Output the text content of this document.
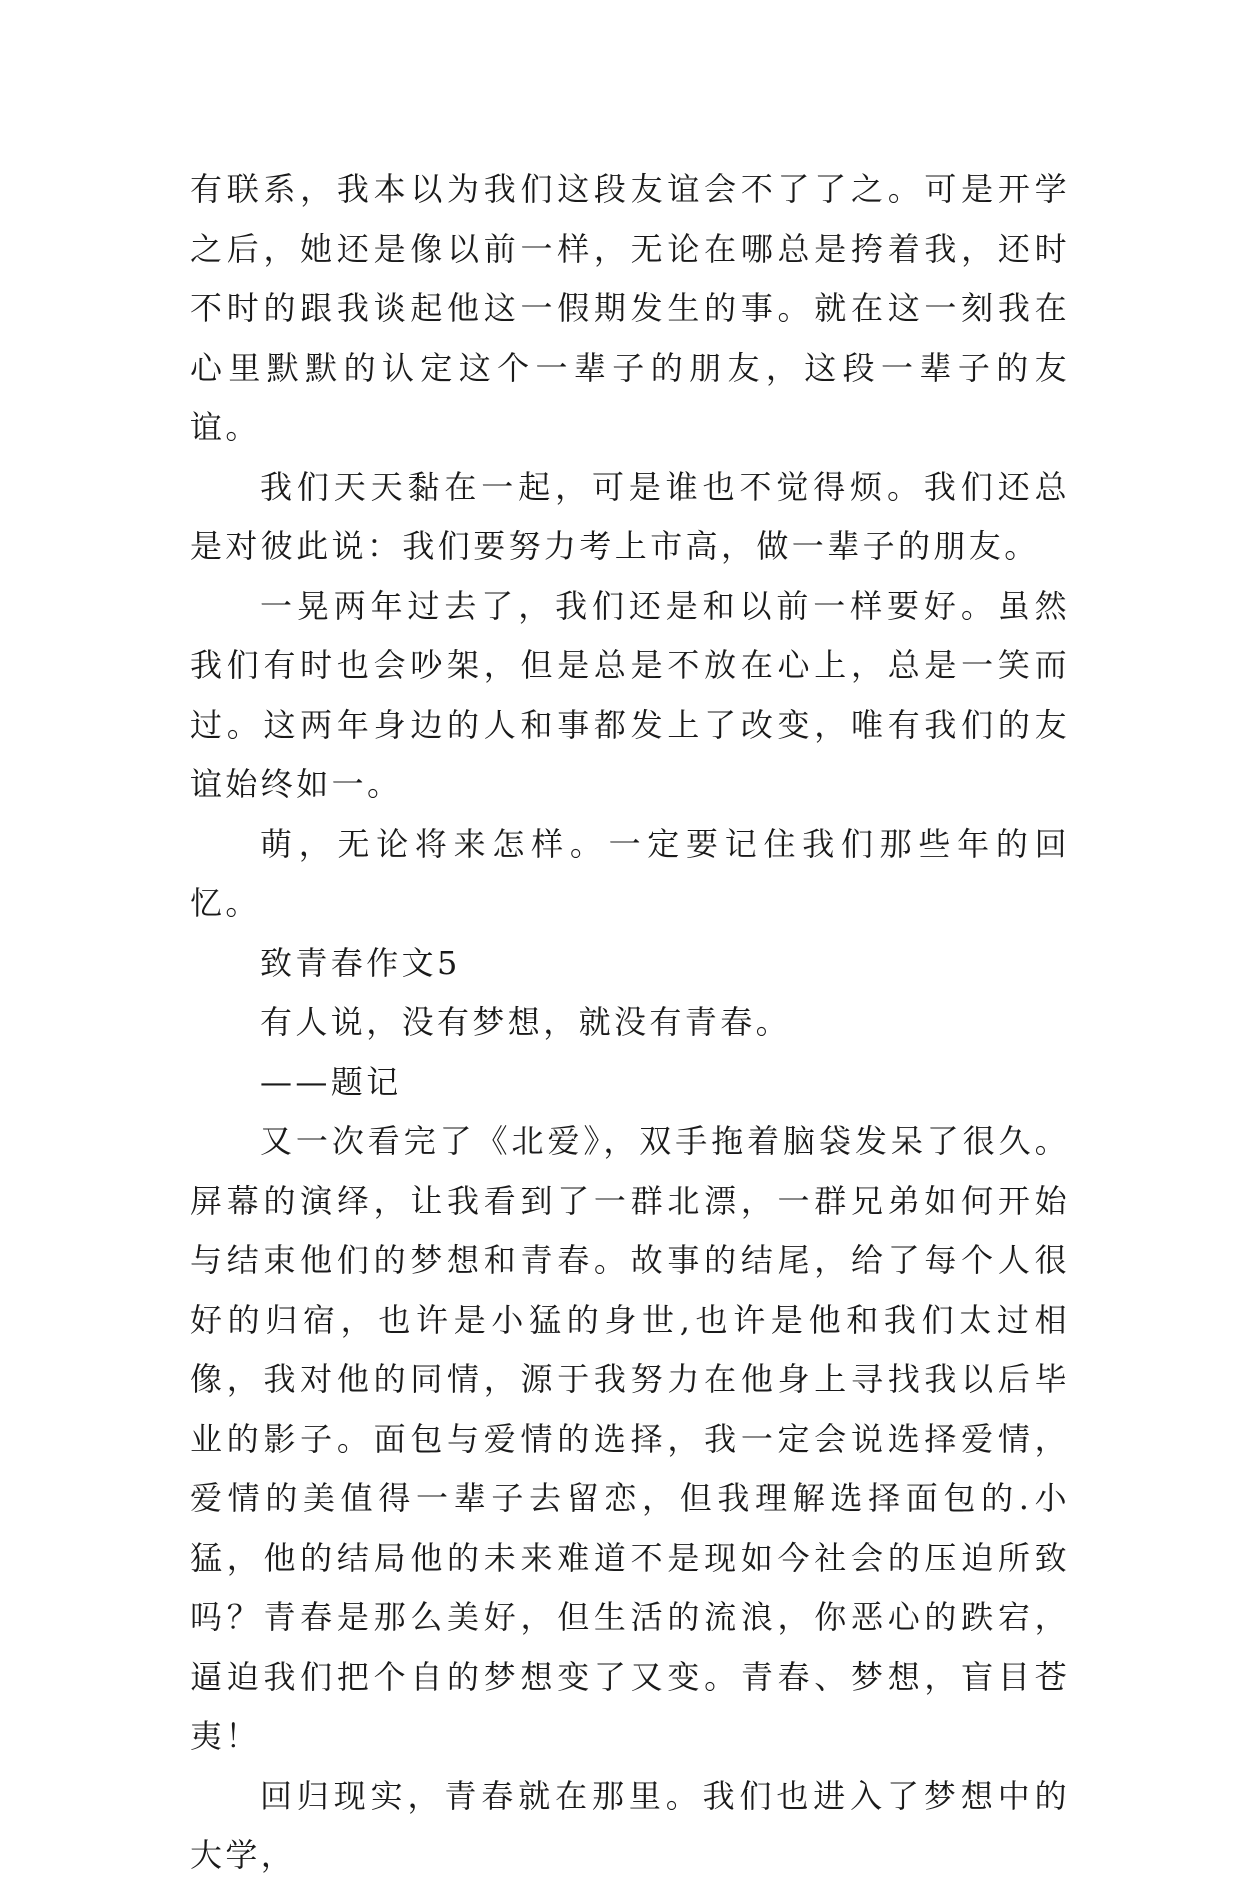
有联系，我本以为我们这段友谊会不了了之。可是开学之后，她还是像以前一样，无论在哪总是挎着我，还时不时的跟我谈起他这一假期发生的事。就在这一刻我在心里默默的认定这个一辈子的朋友，这段一辈子的友谊。

我们天天黏在一起，可是谁也不觉得烦。我们还总是对彼此说：我们要努力考上市高，做一辈子的朋友。

一晃两年过去了，我们还是和以前一样要好。虽然我们有时也会吵架，但是总是不放在心上，总是一笑而过。这两年身边的人和事都发上了改变，唯有我们的友谊始终如一。

萌，无论将来怎样。一定要记住我们那些年的回忆。

致青春作文5

有人说，没有梦想，就没有青春。

——题记

又一次看完了《北爱》，双手拖着脑袋发呆了很久。屏幕的演绎，让我看到了一群北漂，一群兄弟如何开始与结束他们的梦想和青春。故事的结尾，给了每个人很好的归宿，也许是小猛的身世,也许是他和我们太过相像，我对他的同情，源于我努力在他身上寻找我以后毕业的影子。面包与爱情的选择，我一定会说选择爱情，爱情的美值得一辈子去留恋，但我理解选择面包的.小猛，他的结局他的未来难道不是现如今社会的压迫所致吗？青春是那么美好，但生活的流浪，你恶心的跌宕，逼迫我们把个自的梦想变了又变。青春、梦想，盲目苍夷！

回归现实，青春就在那里。我们也进入了梦想中的大学，
